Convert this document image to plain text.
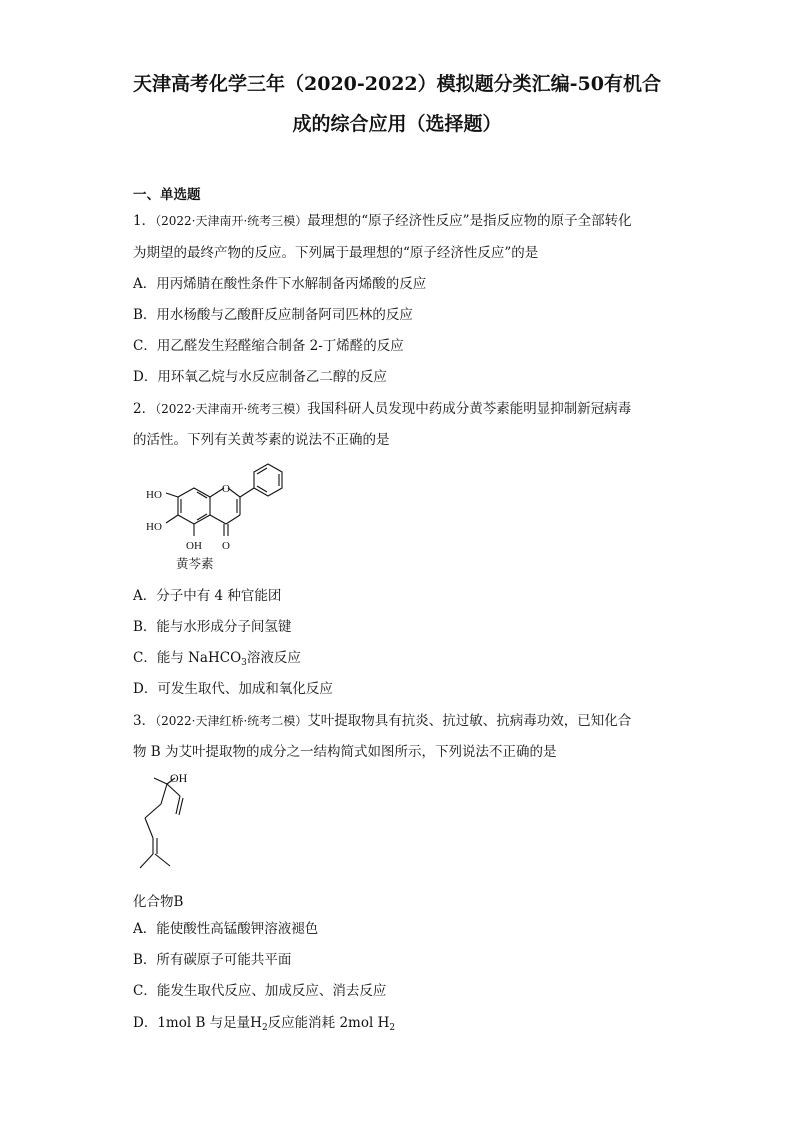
天津高考化学三年（2020-2022）模拟题分类汇编-50有机合
成的综合应用（选择题）

一、单选题

1．（2022·天津南开·统考三模）最理想的“原子经济性反应”是指反应物的原子全部转化

为期望的最终产物的反应。下列属于最理想的“原子经济性反应”的是

A．用丙烯腈在酸性条件下水解制备丙烯酸的反应

B．用水杨酸与乙酸酐反应制备阿司匹林的反应

C．用乙醛发生羟醛缩合制备 2-丁烯醛的反应

D．用环氧乙烷与水反应制备乙二醇的反应

2．（2022·天津南开·统考三模）我国科研人员发现中药成分黄芩素能明显抑制新冠病毒

的活性。下列有关黄芩素的说法不正确的是

HO
HO
OH
O
O
黄芩素

A．分子中有 4 种官能团

B．能与水形成分子间氢键

C．能与 NaHCO$_3$溶液反应

D．可发生取代、加成和氧化反应

3．（2022·天津红桥·统考二模）艾叶提取物具有抗炎、抗过敏、抗病毒功效，已知化合

物 B 为艾叶提取物的成分之一结构简式如图所示，下列说法不正确的是

OH
化合物B

A．能使酸性高锰酸钾溶液褪色

B．所有碳原子可能共平面

C．能发生取代反应、加成反应、消去反应

D．1mol B 与足量$H_2$反应能消耗 2mol $H_2$
